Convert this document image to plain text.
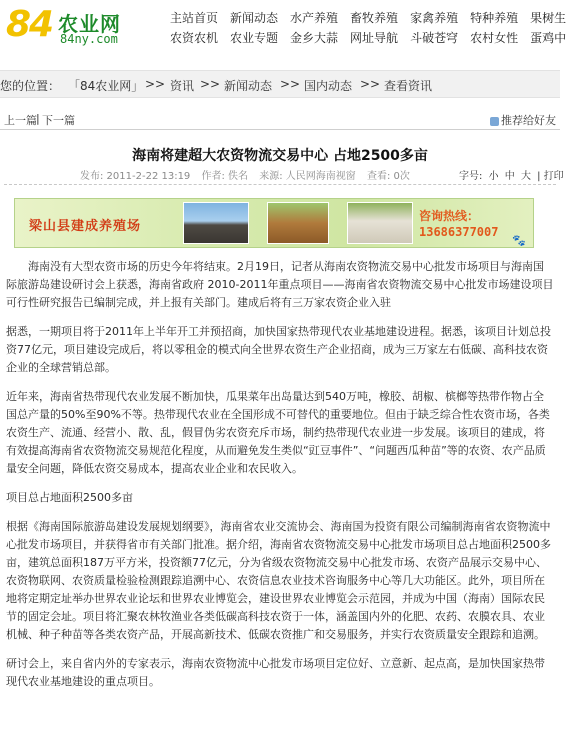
84 农业网
84ny.com
主站首页 新闻动态 水产养殖 畜牧养殖 家禽养殖 特种养殖 果树生
农资农机 农业专题 金乡大蒜 网址导航 斗破苍穹 农村女性 蛋鸡中
您的位置： 「84农业网」 >> 资讯 >> 新闻动态 >> 国内动态 >> 查看资讯
上一篇 | 下一篇	推荐给好友
海南将建超大农资物流交易中心 占地2500多亩
发布: 2011-2-22 13:19 作者: 佚名 来源: 人民网海南视窗 查看: 0次	字号: 小 中 大 | 打印
梁山县建成养殖场
咨询热线：
13686377007
🐾

海南没有大型农资市场的历史今年将结束。2月19日，记者从海南农资物流交易中心批发市场项目与海南国际旅游岛建设研讨会上获悉，海南省政府 2010-2011年重点项目——海南省农资物流交易中心批发市场建设项目可行性研究报告已编制完成，并上报有关部门。建成后将有三万家农资企业入驻

据悉，一期项目将于2011年上半年开工并预招商，加快国家热带现代农业基地建设进程。据悉，该项目计划总投资77亿元，项目建设完成后，将以零租金的模式向全世界农资生产企业招商，成为三万家左右低碳、高科技农资企业的全球营销总部。

近年来，海南省热带现代农业发展不断加快，瓜果菜年出岛量达到540万吨，橡胶、胡椒、槟榔等热带作物占全国总产量的50%至90%不等。热带现代农业在全国形成不可替代的重要地位。但由于缺乏综合性农资市场，各类农资生产、流通、经营小、散、乱，假冒伪劣农资充斥市场，制约热带现代农业进一步发展。该项目的建成，将有效提高海南省农资物流交易规范化程度，从而避免发生类似“豇豆事件”、“问题西瓜种苗”等的农资、农产品质量安全问题，降低农资交易成本，提高农业企业和农民收入。

项目总占地面积2500多亩

根据《海南国际旅游岛建设发展规划纲要》，海南省农业交流协会、海南国为投资有限公司编制海南省农资物流中心批发市场项目，并获得省市有关部门批准。据介绍，海南省农资物流交易中心批发市场项目总占地面积2500多亩，建筑总面积187万平方米，投资额77亿元，分为省级农资物流交易中心批发市场、农资产品展示交易中心、农资物联网、农资质量检验检测跟踪追溯中心、农资信息农业技术咨询服务中心等几大功能区。此外，项目所在地将定期定址举办世界农业论坛和世界农业博览会，建设世界农业博览会示范园，并成为中国（海南）国际农民节的固定会址。项目将汇聚农林牧渔业各类低碳高科技农资于一体，涵盖国内外的化肥、农药、农膜农具、农业机械、种子种苗等各类农资产品，开展高新技术、低碳农资推广和交易服务，并实行农资质量安全跟踪和追溯。

研讨会上，来自省内外的专家表示，海南农资物流中心批发市场项目定位好、立意新、起点高，是加快国家热带现代农业基地建设的重点项目。
